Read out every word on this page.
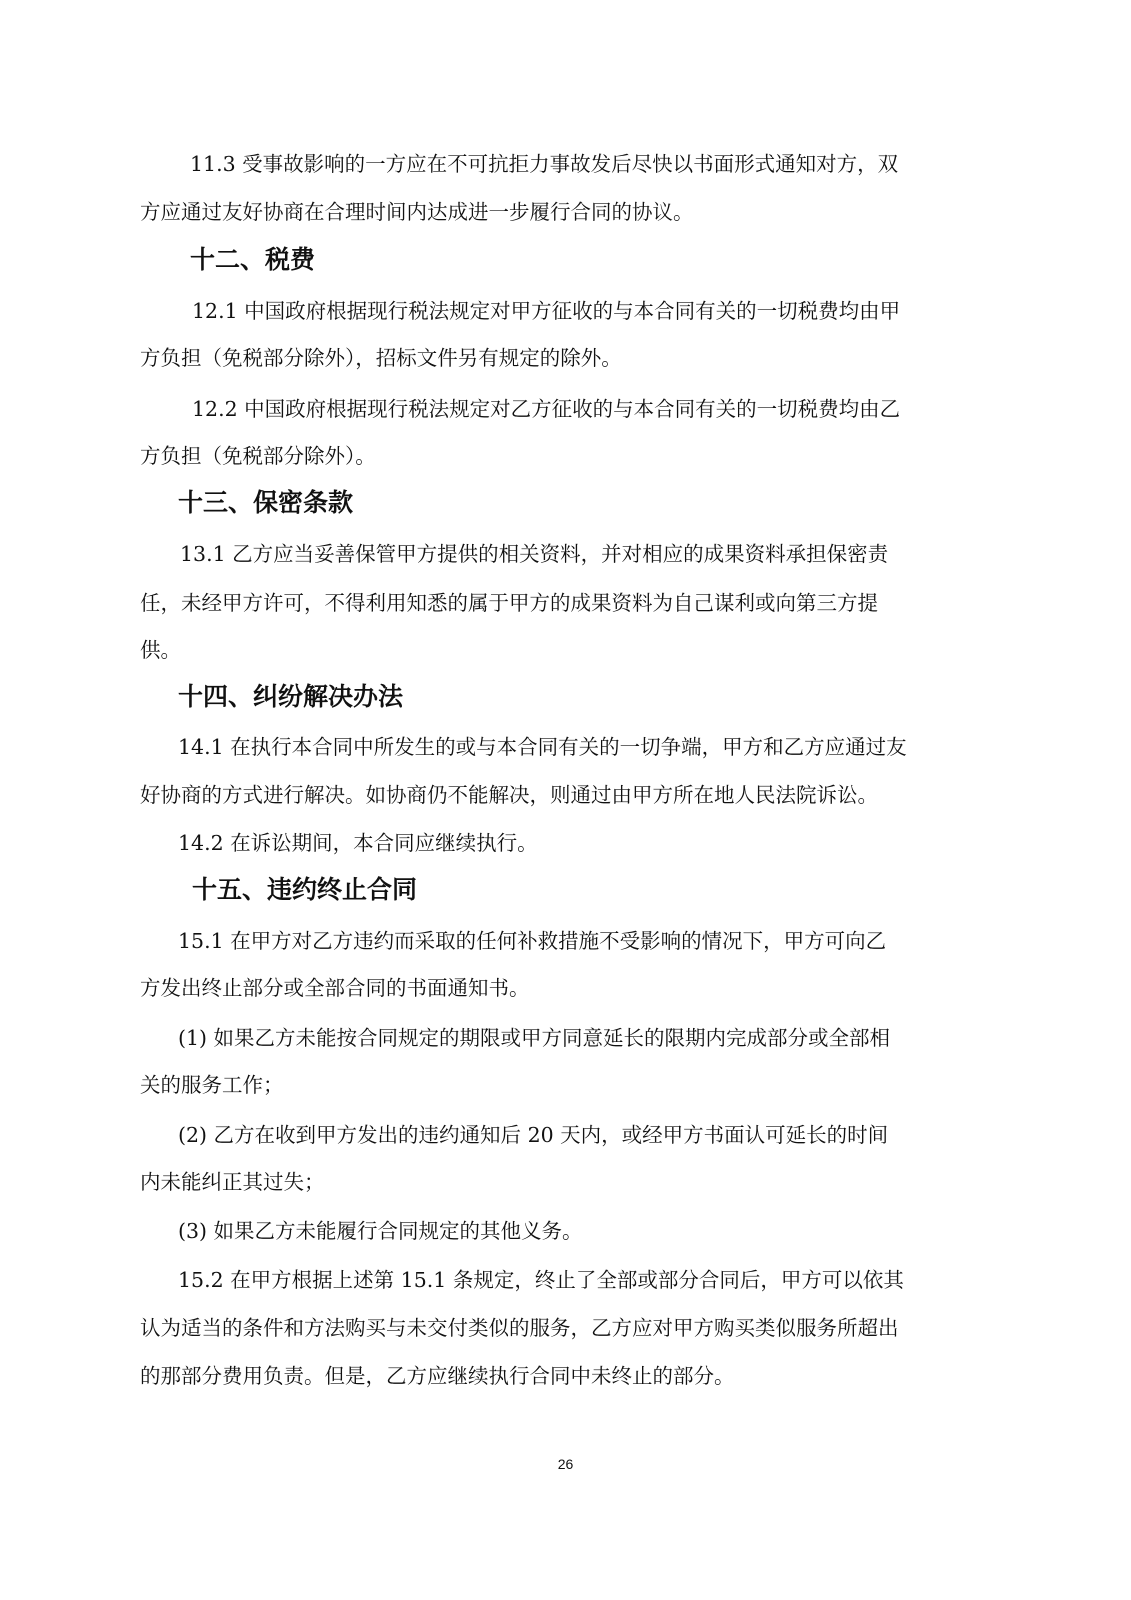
11.3 受事故影响的一方应在不可抗拒力事故发后尽快以书面形式通知对方，双
方应通过友好协商在合理时间内达成进一步履行合同的协议。
十二、税费
12.1 中国政府根据现行税法规定对甲方征收的与本合同有关的一切税费均由甲
方负担（免税部分除外），招标文件另有规定的除外。
12.2 中国政府根据现行税法规定对乙方征收的与本合同有关的一切税费均由乙
方负担（免税部分除外）。
十三、保密条款
13.1 乙方应当妥善保管甲方提供的相关资料，并对相应的成果资料承担保密责
任，未经甲方许可，不得利用知悉的属于甲方的成果资料为自己谋利或向第三方提
供。
十四、纠纷解决办法
14.1 在执行本合同中所发生的或与本合同有关的一切争端，甲方和乙方应通过友
好协商的方式进行解决。如协商仍不能解决，则通过由甲方所在地人民法院诉讼。
14.2 在诉讼期间，本合同应继续执行。
十五、违约终止合同
15.1 在甲方对乙方违约而采取的任何补救措施不受影响的情况下，甲方可向乙
方发出终止部分或全部合同的书面通知书。
(1) 如果乙方未能按合同规定的期限或甲方同意延长的限期内完成部分或全部相
关的服务工作；
(2) 乙方在收到甲方发出的违约通知后 20 天内，或经甲方书面认可延长的时间
内未能纠正其过失；
(3) 如果乙方未能履行合同规定的其他义务。
15.2 在甲方根据上述第 15.1 条规定，终止了全部或部分合同后，甲方可以依其
认为适当的条件和方法购买与未交付类似的服务，乙方应对甲方购买类似服务所超出
的那部分费用负责。但是，乙方应继续执行合同中未终止的部分。
26
